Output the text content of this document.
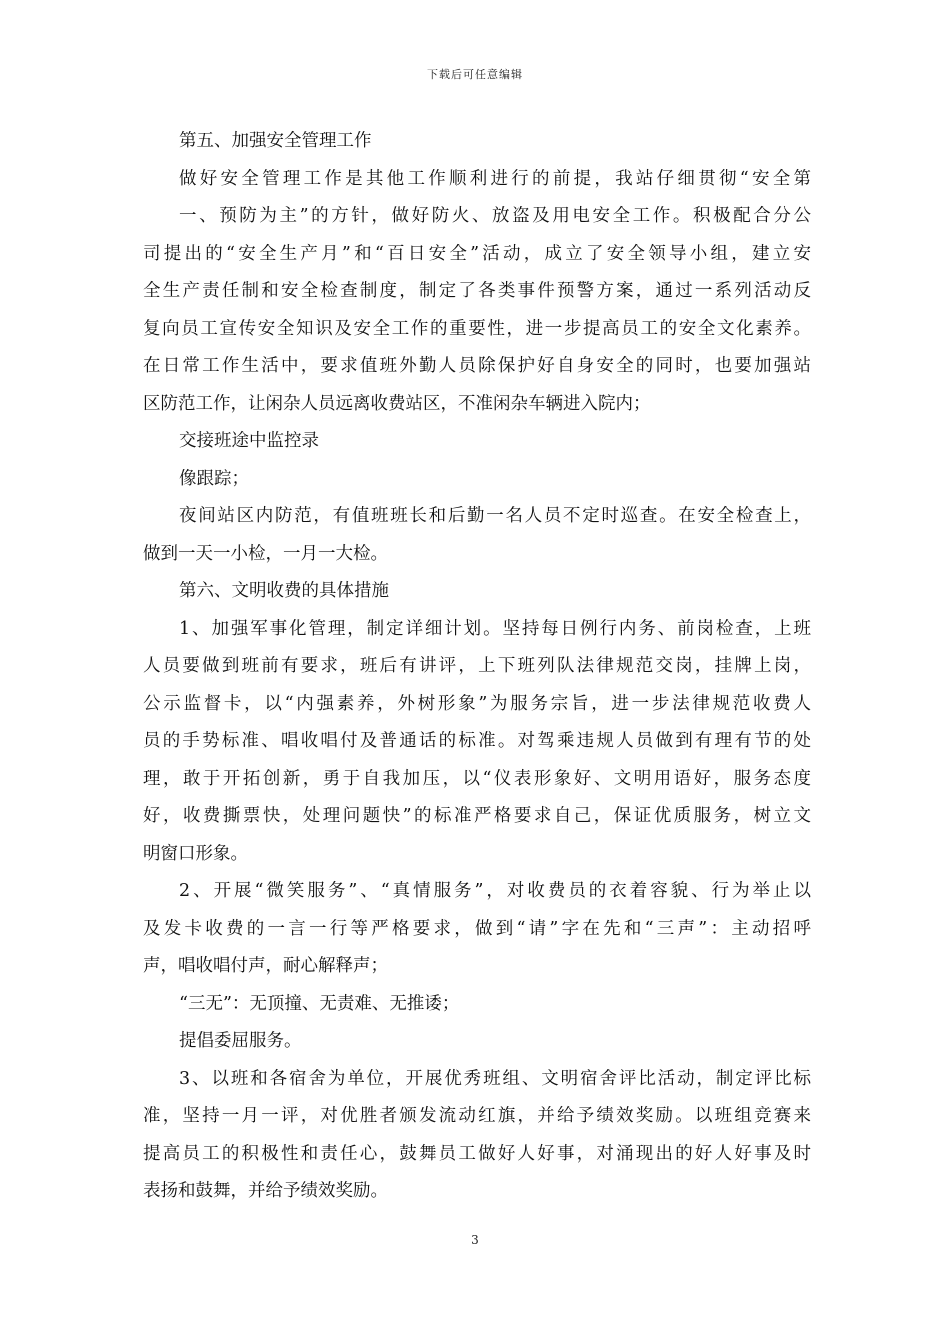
下载后可任意编辑
第五、加强安全管理工作
做好安全管理工作是其他工作顺利进行的前提，我站仔细贯彻“安全第
一、预防为主”的方针，做好防火、放盗及用电安全工作。积极配合分公
司提出的“安全生产月”和“百日安全”活动，成立了安全领导小组，建立安
全生产责任制和安全检查制度，制定了各类事件预警方案，通过一系列活动反
复向员工宣传安全知识及安全工作的重要性，进一步提高员工的安全文化素养。
在日常工作生活中，要求值班外勤人员除保护好自身安全的同时，也要加强站
区防范工作，让闲杂人员远离收费站区，不准闲杂车辆进入院内；
交接班途中监控录
像跟踪；
夜间站区内防范，有值班班长和后勤一名人员不定时巡查。在安全检查上，
做到一天一小检，一月一大检。
第六、文明收费的具体措施
1、加强军事化管理，制定详细计划。坚持每日例行内务、前岗检查，上班
人员要做到班前有要求，班后有讲评，上下班列队法律规范交岗，挂牌上岗，
公示监督卡，以“内强素养，外树形象”为服务宗旨，进一步法律规范收费人
员的手势标准、唱收唱付及普通话的标准。对驾乘违规人员做到有理有节的处
理，敢于开拓创新，勇于自我加压，以“仪表形象好、文明用语好，服务态度
好，收费撕票快，处理问题快”的标准严格要求自己，保证优质服务，树立文
明窗口形象。
2、开展“微笑服务”、“真情服务”，对收费员的衣着容貌、行为举止以
及发卡收费的一言一行等严格要求，做到“请”字在先和“三声”：主动招呼
声，唱收唱付声，耐心解释声；
“三无”：无顶撞、无责难、无推诿；
提倡委屈服务。
3、以班和各宿舍为单位，开展优秀班组、文明宿舍评比活动，制定评比标
准，坚持一月一评，对优胜者颁发流动红旗，并给予绩效奖励。以班组竞赛来
提高员工的积极性和责任心，鼓舞员工做好人好事，对涌现出的好人好事及时
表扬和鼓舞，并给予绩效奖励。
3
